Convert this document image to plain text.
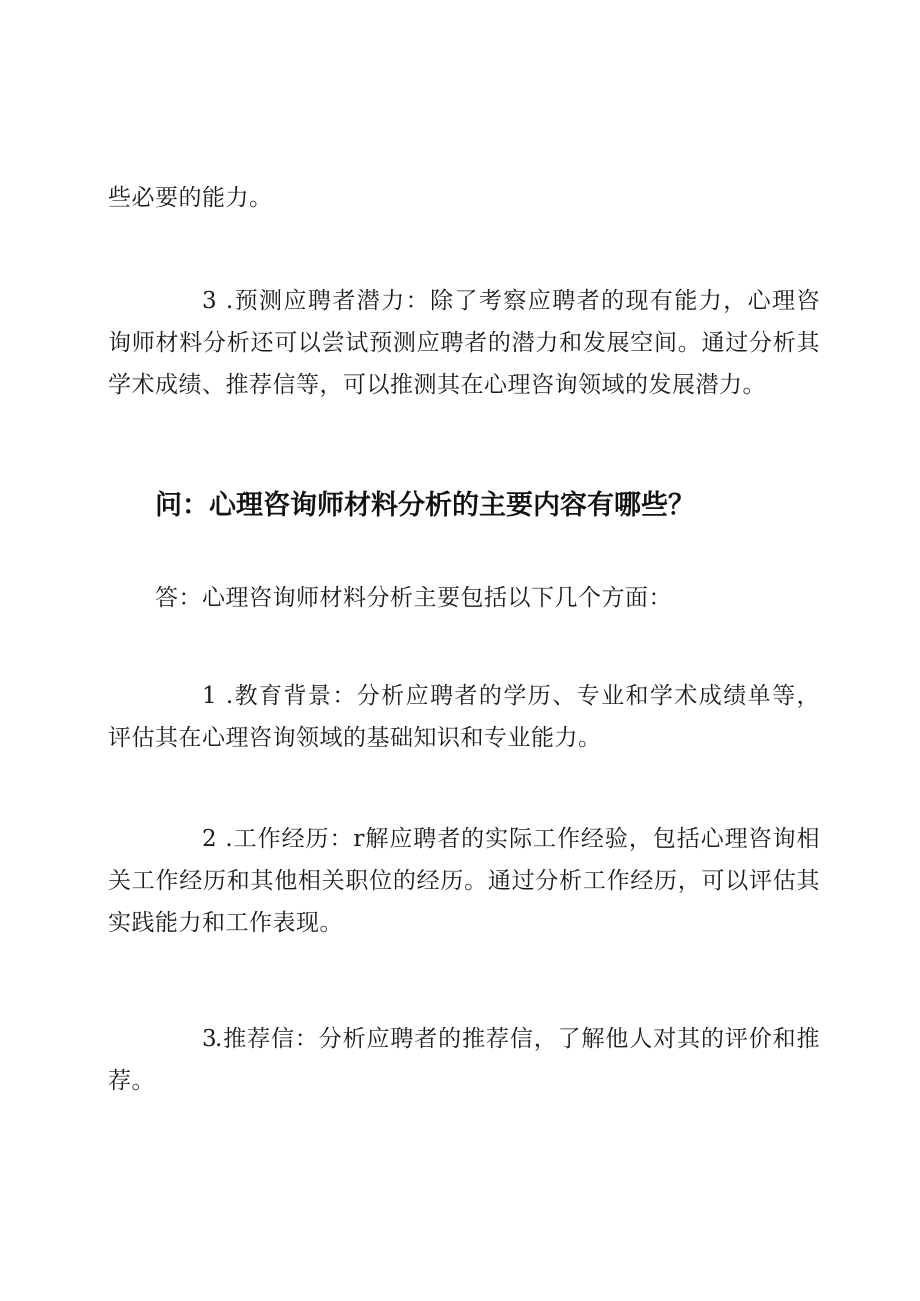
些必要的能力。

3 .预测应聘者潜力：除了考察应聘者的现有能力，心理咨询师材料分析还可以尝试预测应聘者的潜力和发展空间。通过分析其学术成绩、推荐信等，可以推测其在心理咨询领域的发展潜力。

问：心理咨询师材料分析的主要内容有哪些？

答：心理咨询师材料分析主要包括以下几个方面：

1 .教育背景：分析应聘者的学历、专业和学术成绩单等，评估其在心理咨询领域的基础知识和专业能力。

2 .工作经历：r解应聘者的实际工作经验，包括心理咨询相关工作经历和其他相关职位的经历。通过分析工作经历，可以评估其实践能力和工作表现。

3.推荐信：分析应聘者的推荐信，了解他人对其的评价和推荐。
